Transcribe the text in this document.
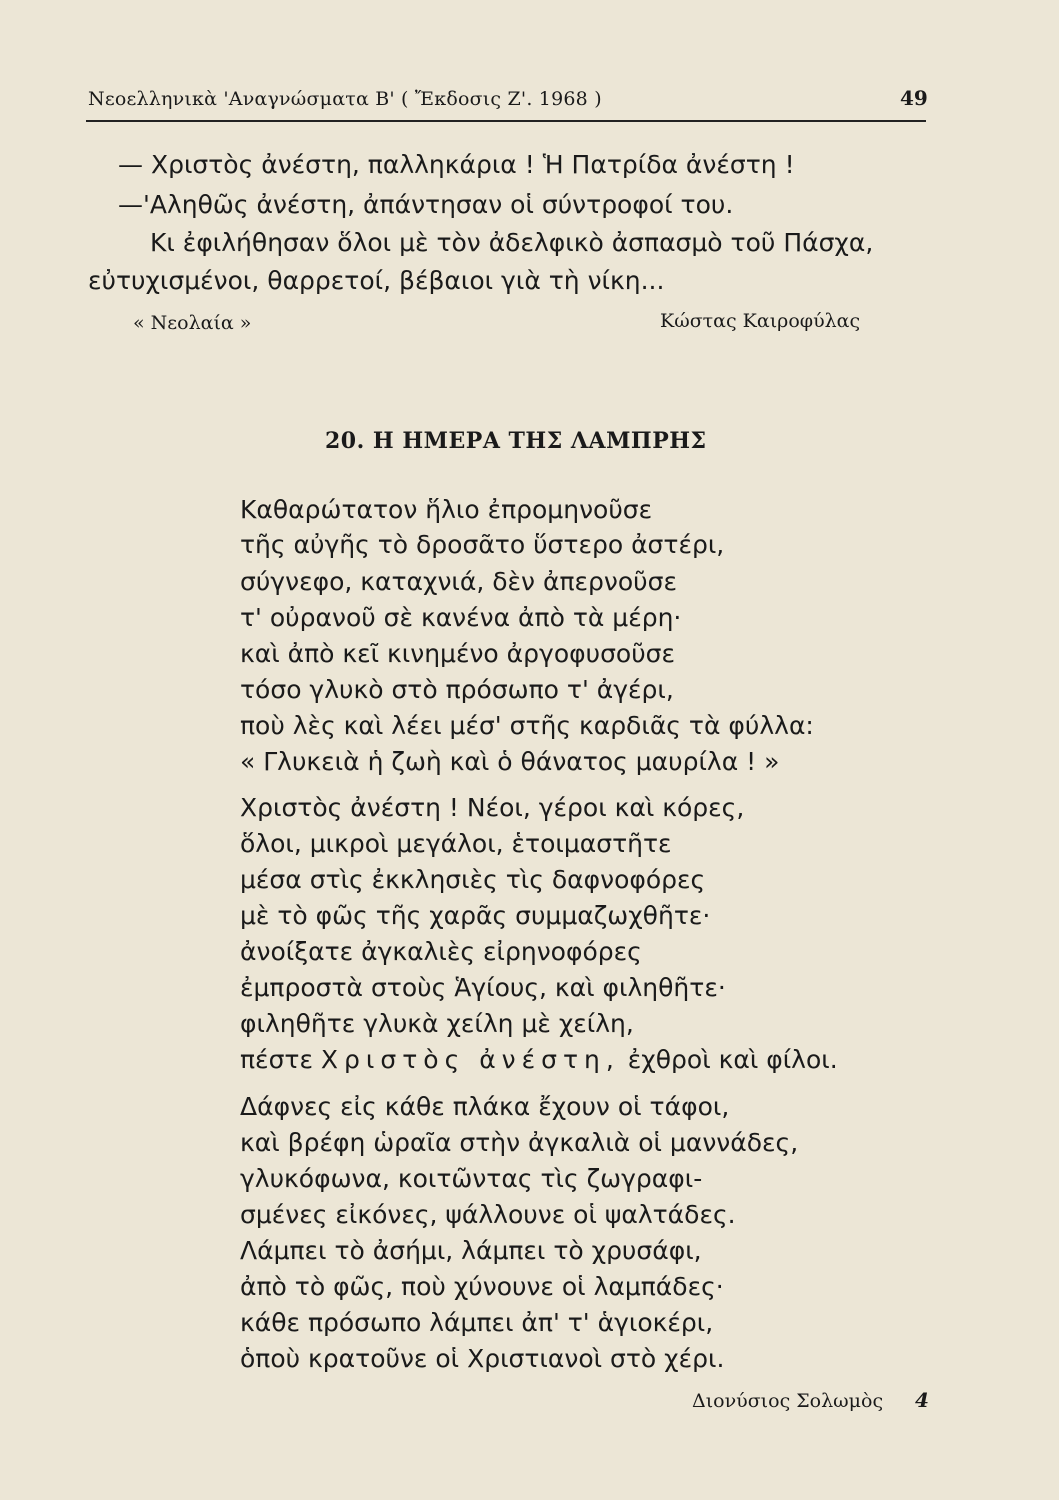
Νεοελληνικὰ 'Αναγνώσματα Β' ( Ἔκδοσις Ζ'. 1968 )	49
— Χριστὸς ἀνέστη, παλληκάρια ! Ἡ Πατρίδα ἀνέστη !
—'Αληθῶς ἀνέστη, ἀπάντησαν οἱ σύντροφοί του.
Κι ἐφιλήθησαν ὅλοι μὲ τὸν ἀδελφικὸ ἀσπασμὸ τοῦ Πάσχα,
εὐτυχισμένοι, θαρρετοί, βέβαιοι γιὰ τὴ νίκη...
« Νεολαία »	Κώστας Καιροφύλας
20. Η ΗΜΕΡΑ ΤΗΣ ΛΑΜΠΡΗΣ
Καθαρώτατον ἥλιο ἐπρομηνοῦσε
τῆς αὐγῆς τὸ δροσᾶτο ὕστερο ἀστέρι,
σύγνεφο, καταχνιά, δὲν ἀπερνοῦσε
τ' οὐρανοῦ σὲ κανένα ἀπὸ τὰ μέρη·
καὶ ἀπὸ κεῖ κινημένο ἀργοφυσοῦσε
τόσο γλυκὸ στὸ πρόσωπο τ' ἀγέρι,
ποὺ λὲς καὶ λέει μέσ' στῆς καρδιᾶς τὰ φύλλα:
« Γλυκειὰ ἡ ζωὴ καὶ ὁ θάνατος μαυρίλα ! »
Χριστὸς ἀνέστη ! Νέοι, γέροι καὶ κόρες,
ὅλοι, μικροὶ μεγάλοι, ἑτοιμαστῆτε
μέσα στὶς ἐκκλησιὲς τὶς δαφνοφόρες
μὲ τὸ φῶς τῆς χαρᾶς συμμαζωχθῆτε·
ἀνοίξατε ἀγκαλιὲς εἰρηνοφόρες
ἐμπροστὰ στοὺς Ἁγίους, καὶ φιληθῆτε·
φιληθῆτε γλυκὰ χείλη μὲ χείλη,
πέστε Χριστὸς ἀνέστη, ἐχθροὶ καὶ φίλοι.
Δάφνες εἰς κάθε πλάκα ἔχουν οἱ τάφοι,
καὶ βρέφη ὡραῖα στὴν ἀγκαλιὰ οἱ μαννάδες,
γλυκόφωνα, κοιτῶντας τὶς ζωγραφι-
σμένες εἰκόνες, ψάλλουνε οἱ ψαλτάδες.
Λάμπει τὸ ἀσήμι, λάμπει τὸ χρυσάφι,
ἀπὸ τὸ φῶς, ποὺ χύνουνε οἱ λαμπάδες·
κάθε πρόσωπο λάμπει ἀπ' τ' ἁγιοκέρι,
ὁποὺ κρατοῦνε οἱ Χριστιανοὶ στὸ χέρι.
Διονύσιος Σολωμὸς 4
